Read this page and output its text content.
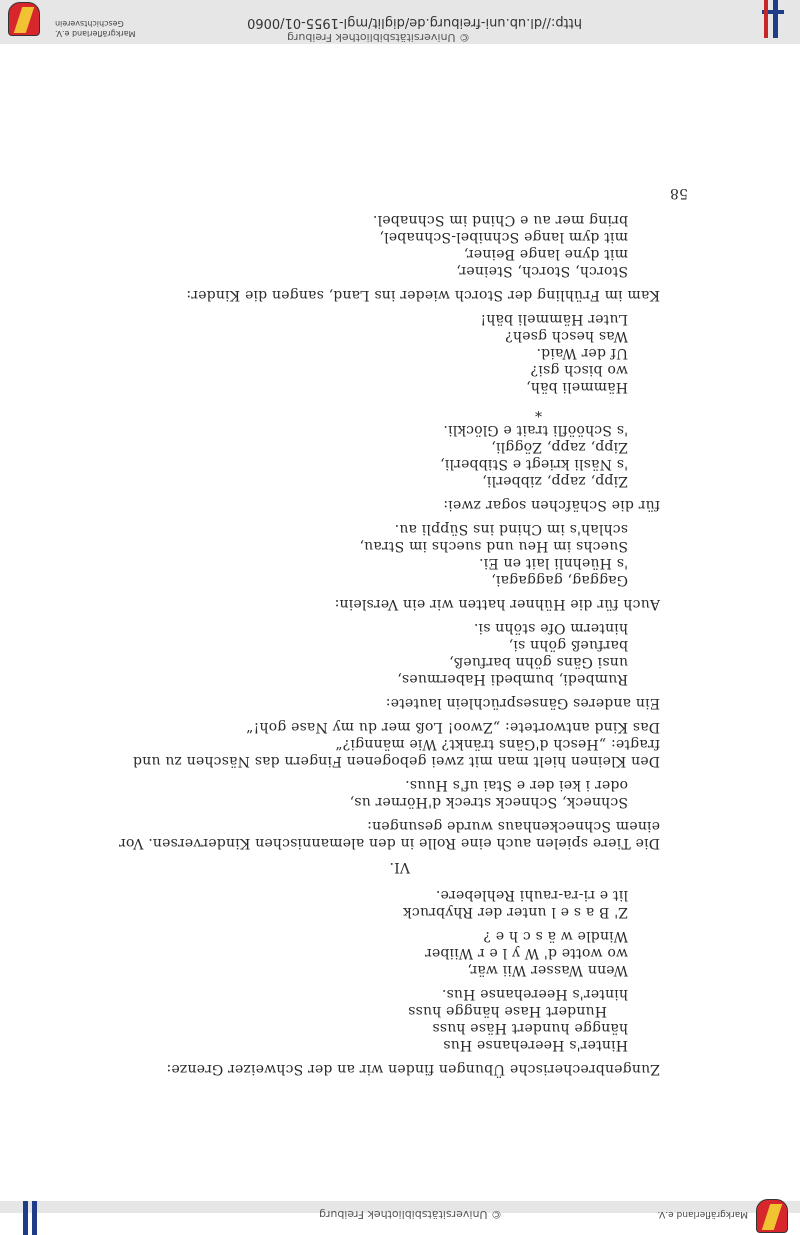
© Universitätsbibliothek Freiburg	Markgräflerland e.V.
Zungenbrecherische Übungen finden wir an der Schweizer Grenze:
Hinter's Heerehanse Hus
hängge hundert Häse huss
Hundert Hase hängge huss
hinter's Heerehanse Hus.
Wenn Wasser Wii wär,
wo wotte d' W y l e r Wiiber
Windle w ä s c h e ?
Z' B a s e l unter der Rhybruck
lit e ri-ra-rauhi Rehlebere.
VI.
Die Tiere spielen auch eine Rolle in den alemannischen Kinderversen. Vor
einem Schneckenhaus wurde gesungen:
Schneck, Schneck streck d'Hörner us,
oder i kei der e Stai uf's Huus.
Den Kleinen hielt man mit zwei gebogenen Fingern das Näschen zu und
fragte: „Hesch d'Gäns tränkt? Wie männgi?“
Das Kind antwortete: „Zwoo! Loß mer du my Nase goh!“
Ein anderes Gänsesprüchlein lautete:
Rumbedi, bumbedi Habermues,
unsi Gäns göhn barfueß,
barfueß göhn si,
hinterm Ofe stöhn si.
Auch für die Hühner hatten wir ein Verslein:
Gaggag, gaggagai,
's Hüehnli lait en Ei.
Suechs im Heu und suechs im Strau,
schlah's im Chind ins Süppli au.
für die Schäfchen sogar zwei:
Zipp, zapp, zibberli,
's Näsli kriegt e Stibberli,
Zipp, zapp, Zöggli,
's Schööfli trait e Glöckli.
*
Hämmeli bäh,
wo bisch gsi?
Uf der Waid.
Was hesch gseh?
Luter Hämmeli bäh!
Kam im Frühling der Storch wieder ins Land, sangen die Kinder:
Storch, Storch, Steiner,
mit dyne lange Beiner,
mit dym lange Schnibel-Schnabel,
bring mer au e Chind im Schnabel.
58
© Universitätsbibliothek Freiburg
http://dl.ub.uni-freiburg.de/diglit/mgl-1955-01/0060
Markgräflerland e.V.
Geschichtsverein
